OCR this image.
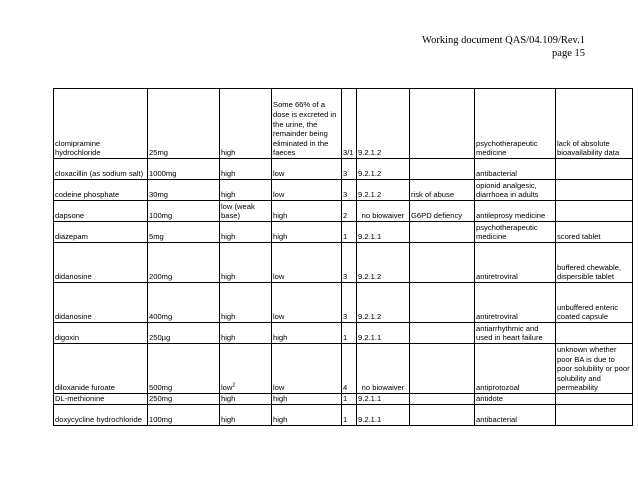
Working document QAS/04.109/Rev.1
page 15
clomipramine hydrochloride	25mg	high	Some 66% of a dose is excreted in the urine, the remainder being eliminated in the faeces	3/1	9.2.1.2		psychotherapeutic medicine	lack of absolute bioavailability data
cloxacillin (as sodium salt)	1000mg	high	low	3	9.2.1.2		antibacterial	
codeine phosphate	30mg	high	low	3	9.2.1.2	risk of abuse	opionid analgesic, diarrhoea in adults	
dapsone	100mg	low (weak base)	high	2	no biowaiver	G6PD defiency	antileprosy medicine	
diazepam	5mg	high	high	1	9.2.1.1		psychotherapeutic medicine	scored tablet
didanosine	200mg	high	low	3	9.2.1.2		antiretroviral	buffered chewable, dispersible tablet
didanosine	400mg	high	low	3	9.2.1.2		antiretroviral	unbuffered enteric coated capsule
digoxin	250µg	high	high	1	9.2.1.1		antiarrhythmic and used in heart failure	
diloxanide furoate	500mg	low$^2$	low	4	no biowaiver		antiprotozoal	unknown whether poor BA is due to poor solubility or poor solubility and permeability
DL-methionine	250mg	high	high	1	9.2.1.1		antidote	
doxycycline hydrochloride	100mg	high	high	1	9.2.1.1		antibacterial	
